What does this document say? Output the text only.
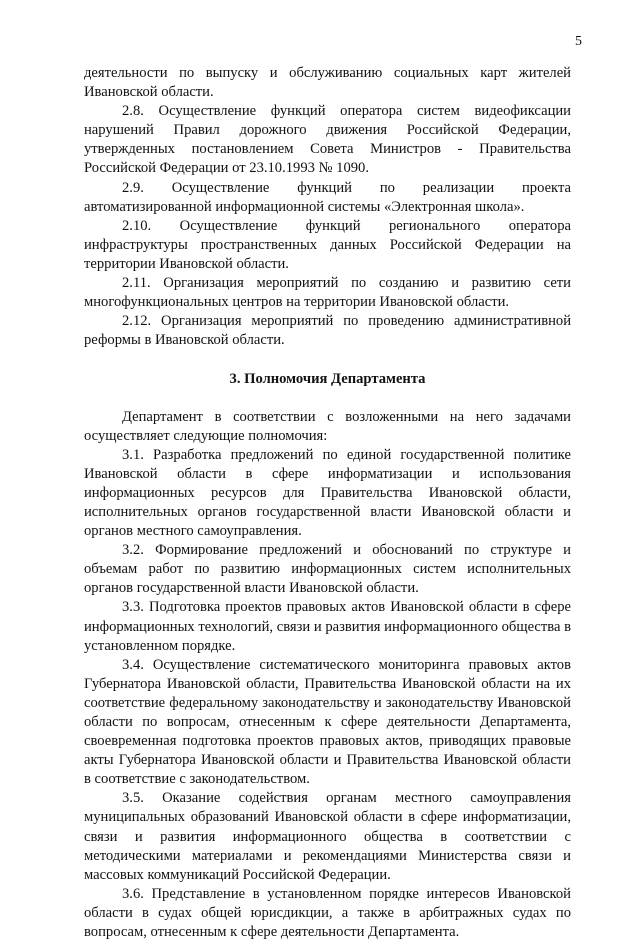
5

деятельности по выпуску и обслуживанию социальных карт жителей Ивановской области.

2.8. Осуществление функций оператора систем видеофиксации нарушений Правил дорожного движения Российской Федерации, утвержденных постановлением Совета Министров - Правительства Российской Федерации от 23.10.1993 № 1090.

2.9. Осуществление функций по реализации проекта автоматизированной информационной системы «Электронная школа».

2.10. Осуществление функций регионального оператора инфраструктуры пространственных данных Российской Федерации на территории Ивановской области.

2.11. Организация мероприятий по созданию и развитию сети многофункциональных центров на территории Ивановской области.

2.12. Организация мероприятий по проведению административной реформы в Ивановской области.

3. Полномочия Департамента

Департамент в соответствии с возложенными на него задачами осуществляет следующие полномочия:

3.1. Разработка предложений по единой государственной политике Ивановской области в сфере информатизации и использования информационных ресурсов для Правительства Ивановской области, исполнительных органов государственной власти Ивановской области и органов местного самоуправления.

3.2. Формирование предложений и обоснований по структуре и объемам работ по развитию информационных систем исполнительных органов государственной власти Ивановской области.

3.3. Подготовка проектов правовых актов Ивановской области в сфере информационных технологий, связи и развития информационного общества в установленном порядке.

3.4. Осуществление систематического мониторинга правовых актов Губернатора Ивановской области, Правительства Ивановской области на их соответствие федеральному законодательству и законодательству Ивановской области по вопросам, отнесенным к сфере деятельности Департамента, своевременная подготовка проектов правовых актов, приводящих правовые акты Губернатора Ивановской области и Правительства Ивановской области в соответствие с законодательством.

3.5. Оказание содействия органам местного самоуправления муниципальных образований Ивановской области в сфере информатизации, связи и развития информационного общества в соответствии с методическими материалами и рекомендациями Министерства связи и массовых коммуникаций Российской Федерации.

3.6. Представление в установленном порядке интересов Ивановской области в судах общей юрисдикции, а также в арбитражных судах по вопросам, отнесенным к сфере деятельности Департамента.
